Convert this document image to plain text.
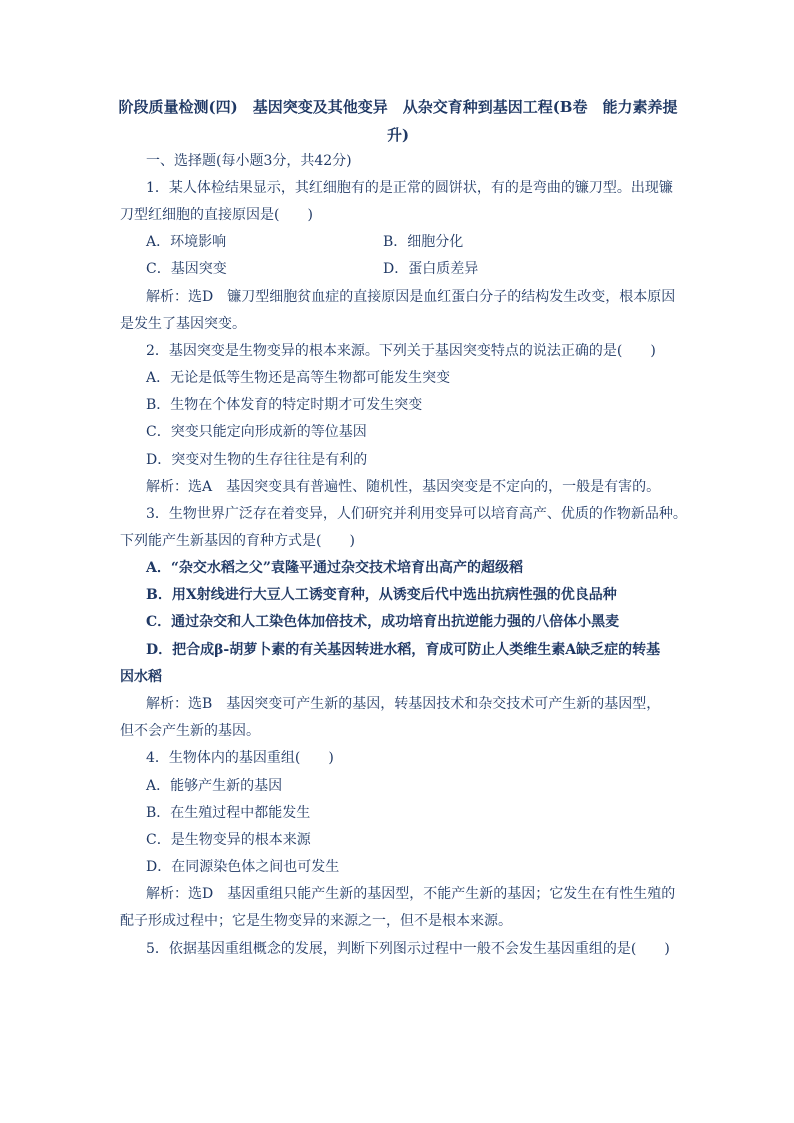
阶段质量检测(四)　基因突变及其他变异　从杂交育种到基因工程(B卷　能力素养提
升)
一、选择题(每小题3分，共42分)
1．某人体检结果显示，其红细胞有的是正常的圆饼状，有的是弯曲的镰刀型。出现镰
刀型红细胞的直接原因是(　　)
A．环境影响	B．细胞分化
C．基因突变	D．蛋白质差异
解析：选D　镰刀型细胞贫血症的直接原因是血红蛋白分子的结构发生改变，根本原因
是发生了基因突变。
2．基因突变是生物变异的根本来源。下列关于基因突变特点的说法正确的是(　　)
A．无论是低等生物还是高等生物都可能发生突变
B．生物在个体发育的特定时期才可发生突变
C．突变只能定向形成新的等位基因
D．突变对生物的生存往往是有利的
解析：选A　基因突变具有普遍性、随机性，基因突变是不定向的，一般是有害的。
3．生物世界广泛存在着变异，人们研究并利用变异可以培育高产、优质的作物新品种。
下列能产生新基因的育种方式是(　　)
A．“杂交水稻之父”袁隆平通过杂交技术培育出高产的超级稻
B．用X射线进行大豆人工诱变育种，从诱变后代中选出抗病性强的优良品种
C．通过杂交和人工染色体加倍技术，成功培育出抗逆能力强的八倍体小黑麦
D．把合成β-胡萝卜素的有关基因转进水稻，育成可防止人类维生素A缺乏症的转基
因水稻
解析：选B　基因突变可产生新的基因，转基因技术和杂交技术可产生新的基因型，
但不会产生新的基因。
4．生物体内的基因重组(　　)
A．能够产生新的基因
B．在生殖过程中都能发生
C．是生物变异的根本来源
D．在同源染色体之间也可发生
解析：选D　基因重组只能产生新的基因型，不能产生新的基因；它发生在有性生殖的
配子形成过程中；它是生物变异的来源之一，但不是根本来源。
5．依据基因重组概念的发展，判断下列图示过程中一般不会发生基因重组的是(　　)
